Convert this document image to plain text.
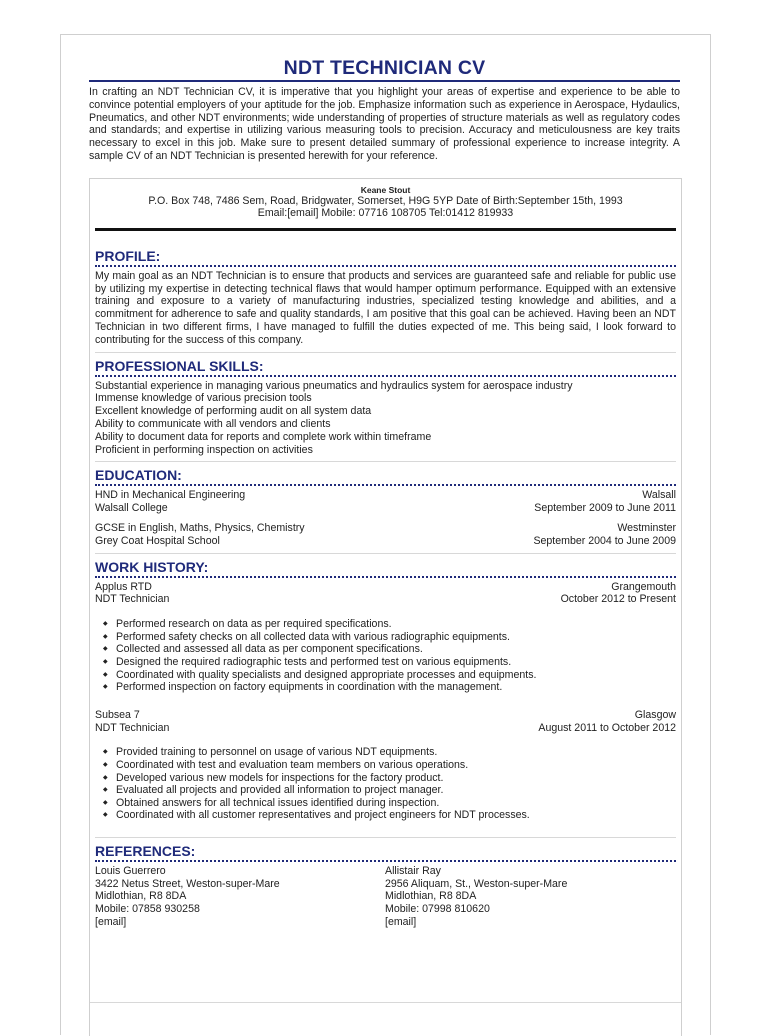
NDT TECHNICIAN CV
In crafting an NDT Technician CV, it is imperative that you highlight your areas of expertise and experience to be able to convince potential employers of your aptitude for the job. Emphasize information such as experience in Aerospace, Hydaulics, Pneumatics, and other NDT environments; wide understanding of properties of structure materials as well as regulatory codes and standards; and expertise in utilizing various measuring tools to precision. Accuracy and meticulousness are key traits necessary to excel in this job. Make sure to present detailed summary of professional experience to increase integrity. A sample CV of an NDT Technician is presented herewith for your reference.
Keane Stout
P.O. Box 748, 7486 Sem, Road, Bridgwater, Somerset, H9G 5YP Date of Birth:September 15th, 1993
Email:[email] Mobile: 07716 108705 Tel:01412 819933
PROFILE:
My main goal as an NDT Technician is to ensure that products and services are guaranteed safe and reliable for public use by utilizing my expertise in detecting technical flaws that would hamper optimum performance. Equipped with an extensive training and exposure to a variety of manufacturing industries, specialized testing knowledge and abilities, and a commitment for adherence to safe and quality standards, I am positive that this goal can be achieved. Having been an NDT Technician in two different firms, I have managed to fulfill the duties expected of me. This being said, I look forward to contributing for the success of this company.
PROFESSIONAL SKILLS:
Substantial experience in managing various pneumatics and hydraulics system for aerospace industry
Immense knowledge of various precision tools
Excellent knowledge of performing audit on all system data
Ability to communicate with all vendors and clients
Ability to document data for reports and complete work within timeframe
Proficient in performing inspection on activities
EDUCATION:
HND in Mechanical Engineering	Walsall
Walsall College	September 2009 to June 2011
GCSE in English, Maths, Physics, Chemistry	Westminster
Grey Coat Hospital School	September 2004 to June 2009
WORK HISTORY:
Applus RTD	Grangemouth
NDT Technician	October 2012 to Present
◆ Performed research on data as per required specifications.
◆ Performed safety checks on all collected data with various radiographic equipments.
◆ Collected and assessed all data as per component specifications.
◆ Designed the required radiographic tests and performed test on various equipments.
◆ Coordinated with quality specialists and designed appropriate processes and equipments.
◆ Performed inspection on factory equipments in coordination with the management.
Subsea 7	Glasgow
NDT Technician	August 2011 to October 2012
◆ Provided training to personnel on usage of various NDT equipments.
◆ Coordinated with test and evaluation team members on various operations.
◆ Developed various new models for inspections for the factory product.
◆ Evaluated all projects and provided all information to project manager.
◆ Obtained answers for all technical issues identified during inspection.
◆ Coordinated with all customer representatives and project engineers for NDT processes.
REFERENCES:
Louis Guerrero
3422 Netus Street, Weston-super-Mare
Midlothian, R8 8DA
Mobile: 07858 930258
[email]
Allistair Ray
2956 Aliquam, St., Weston-super-Mare
Midlothian, R8 8DA
Mobile: 07998 810620
[email]
